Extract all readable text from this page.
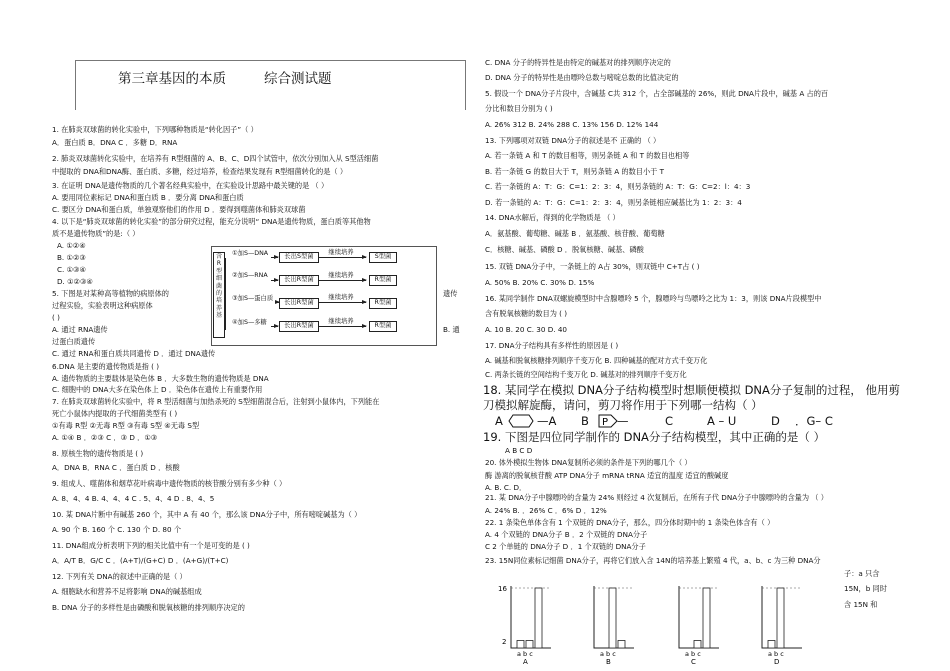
第三章基因的本质	综合测试题
1. 在肺炎双球菌的转化实验中，下列哪种物质是“转化因子”（ ）
A．蛋白质 B．DNA C ．多糖 D．RNA
2. 肺炎双球菌转化实验中，在培养有 R型细菌的 A、B、C、D四个试管中，依次分别加入从 S型活细菌
中提取的 DNA和DNA酶、蛋白质、多糖，经过培养，检查结果发现有 R型细菌转化的是（ ）
3. 在证明 DNA是遗传物质的几个著名经典实验中，在实验设计思路中最关键的是 （ ）
A. 要用同位素标记 DNA和蛋白质 B ．要分离 DNA和蛋白质
C. 要区分 DNA和蛋白质，单独观察他们的作用 D ．要得到噬菌体和肺炎双球菌
4. 以下是“肺炎双球菌的转化实验”的部分研究过程，能充分说明“ DNA是遗传物质，蛋白质等其他物
质不是遗传物质”的是:（ ）
A. ①②④
B. ①②③
C. ①③④
D. ①②③④
5. 下图是对某种高等植物的病原体的	遗传
过程实验，实验表明这种病原体
( )
A. 通过 RNA遗传	B. 通
过蛋白质遗传
C. 通过 RNA和蛋白质共同遗传 D ．通过 DNA遗传
6.DNA 是主要的遗传物质是指 ( )
A. 遗传物质的主要载体是染色体 B ．大多数生物的遗传物质是 DNA
C. 细胞中的 DNA大多在染色体上 D ．染色体在遗传上有重要作用
7. 在肺炎双球菌转化实验中，将 R 型活细菌与加热杀死的 S型细菌混合后，注射到小鼠体内，下列能在
死亡小鼠体内提取的子代细菌类型有 ( )
①有毒 R型 ②无毒 R型 ③有毒 S型 ④无毒 S型
A. ①④ B ．②③ C ．③ D ．①③
8. 原核生物的遗传物质是 ( )
A．DNA B．RNA C ．蛋白质 D ．核酸
9. 组成人、噬菌体和烟草花叶病毒中遗传物质的核苷酸分别有多少种（ ）
A. 8、4、4 B. 4、4、4 C . 5、4、4 D . 8、4、5
10. 某 DNA片断中有碱基 260 个，其中 A 有 40 个，那么该 DNA分子中，所有嘧啶碱基为（ ）
A. 90 个 B. 160 个 C. 130 个 D. 80 个
11. DNA组成分析表明下列的相关比值中有一个是可变的是 ( )
A．A/T B．G/C C ．(A+T)/(G+C) D ．(A+G)/(T+C)
12. 下列有关 DNA的叙述中正确的是（ ）
A. 细胞缺水和营养不足将影响 DNA的碱基组成
B. DNA 分子的多样性是由磷酸和脱氧核糖的排列顺序决定的
含R型细菌的培养基
①加S—DNA	长出S型菌
继续培养
S型菌
②加S—RNA
长出R型菌
继续培养
R型菌
③加S—蛋白质
长出R型菌
继续培养
R型菌
④加S—多糖	长出R型菌
继续培养
R型菌
C. DNA 分子的特异性是由特定的碱基对的排列顺序决定的
D. DNA 分子的特异性是由嘌呤总数与嘧啶总数的比值决定的
5. 假设一个 DNA分子片段中，含碱基 C共 312 个，占全部碱基的 26%，则此 DNA片段中，碱基 A 占的百
分比和数目分别为 ( )
A. 26% 312 B. 24% 288 C. 13% 156 D. 12% 144
13. 下列哪项对双链 DNA分子的叙述是不 正确的 （ ）
A. 若一条链 A 和 T 的数目相等，则另条链 A 和 T 的数目也相等
B. 若一条链 G 的数目大于 T，则另条链 A 的数目小于 T
C. 若一条链的 A：T：G：C=1：2：3：4，则另条链的 A：T：G：C=2：l：4：3
D. 若一条链的 A：T：G：C=1：2：3：4，则另条链相应碱基比为 1：2：3：4
14. DNA水解后，得到的化学物质是 （ ）
A．氨基酸、葡萄糖、碱基 B ．氨基酸、核苷酸、葡萄糖
C．核糖、碱基、磷酸 D ．脱氧核糖、碱基、磷酸
15. 双链 DNA分子中，一条链上的 A占 30%，则双链中 C+T占 ( )
A. 50% B. 20% C. 30% D. 15%
16. 某同学制作 DNA双螺旋模型时中含腺嘌呤 5 个，腺嘌呤与鸟嘌呤之比为 1：3，则该 DNA片段模型中
含有脱氧核糖的数目为 ( )
A. 10 B. 20 C. 30 D. 40
17. DNA分子结构具有多样性的原因是 ( )
A. 碱基和脱氧核糖排列顺序千变万化 B. 四种碱基的配对方式千变万化
C. 两条长链的空间结构千变万化 D. 碱基对的排列顺序千变万化
18. 某同学在模拟 DNA分子结构模型时想顺便模拟 DNA分子复制的过程， 他用剪
刀模拟解旋酶，请问，剪刀将作用于下列哪一结构（ ）
A	—A B P —	C	A – U	D ．G– C
19. 下图是四位同学制作的 DNA分子结构模型，其中正确的是（ ）
A B C D
20. 体外模拟生物体 DNA复制所必须的条件是下列的哪几个（ ）
酶 游离的脱氧核苷酸 ATP DNA分子 mRNA tRNA 适宜的温度 适宜的酸碱度
A. B. C. D．
21. 某 DNA分子中腺嘌呤的含量为 24% 则经过 4 次复制后，在所有子代 DNA分子中腺嘌呤的含量为 （ ）
A. 24% B. ．26% C ．6% D ．12%
22. 1 条染色单体含有 1 个双链的 DNA分子，那么，四分体时期中的 1 条染色体含有（ ）
A. 4 个双链的 DNA分子 B ．2 个双链的 DNA分子
C 2 个单链的 DNA分子 D ．1 个双链的 DNA分子
23. 15N同位素标记细菌 DNA分子，再将它们放入含 14N的培养基上繁殖 4 代，a、b、c 为三种 DNA分
子：a 只含
15N，b 同时
含 15N 和
16
2
a b c
A
a b c
B
a b c
C
a b c
D
